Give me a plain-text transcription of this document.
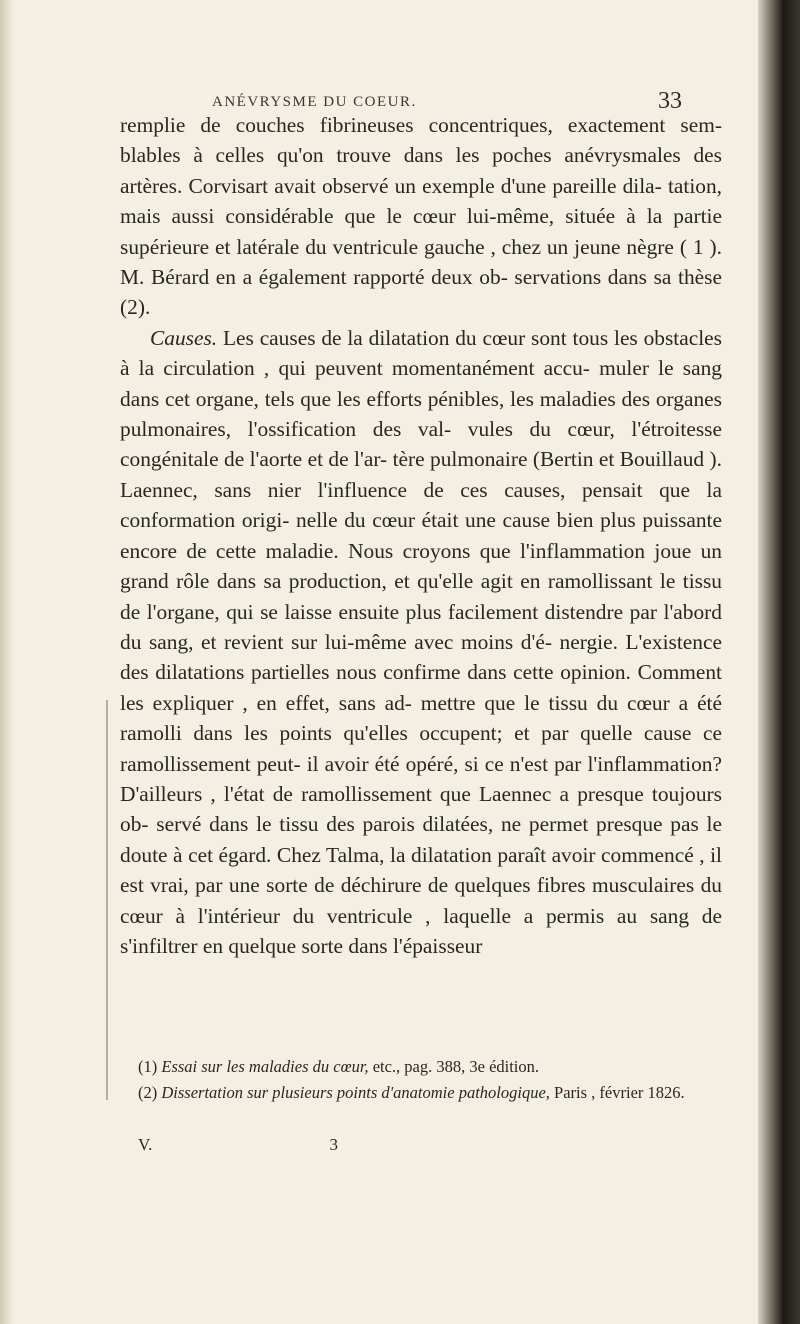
ANÉVRYSME DU COEUR.	33

remplie de couches fibrineuses concentriques, exactement sem- blables à celles qu'on trouve dans les poches anévrysmales des artères. Corvisart avait observé un exemple d'une pareille dila- tation, mais aussi considérable que le cœur lui-même, située à la partie supérieure et latérale du ventricule gauche , chez un jeune nègre ( 1 ). M. Bérard en a également rapporté deux ob- servations dans sa thèse (2).

Causes. Les causes de la dilatation du cœur sont tous les obstacles à la circulation , qui peuvent momentanément accu- muler le sang dans cet organe, tels que les efforts pénibles, les maladies des organes pulmonaires, l'ossification des val- vules du cœur, l'étroitesse congénitale de l'aorte et de l'ar- tère pulmonaire (Bertin et Bouillaud ). Laennec, sans nier l'influence de ces causes, pensait que la conformation origi- nelle du cœur était une cause bien plus puissante encore de cette maladie. Nous croyons que l'inflammation joue un grand rôle dans sa production, et qu'elle agit en ramollissant le tissu de l'organe, qui se laisse ensuite plus facilement distendre par l'abord du sang, et revient sur lui-même avec moins d'é- nergie. L'existence des dilatations partielles nous confirme dans cette opinion. Comment les expliquer , en effet, sans ad- mettre que le tissu du cœur a été ramolli dans les points qu'elles occupent; et par quelle cause ce ramollissement peut- il avoir été opéré, si ce n'est par l'inflammation? D'ailleurs , l'état de ramollissement que Laennec a presque toujours ob- servé dans le tissu des parois dilatées, ne permet presque pas le doute à cet égard. Chez Talma, la dilatation paraît avoir commencé , il est vrai, par une sorte de déchirure de quelques fibres musculaires du cœur à l'intérieur du ventricule , laquelle a permis au sang de s'infiltrer en quelque sorte dans l'épaisseur

(1) Essai sur les maladies du cœur, etc., pag. 388, 3e édition.

(2) Dissertation sur plusieurs points d'anatomie pathologique, Paris , février 1826.

V.	3
